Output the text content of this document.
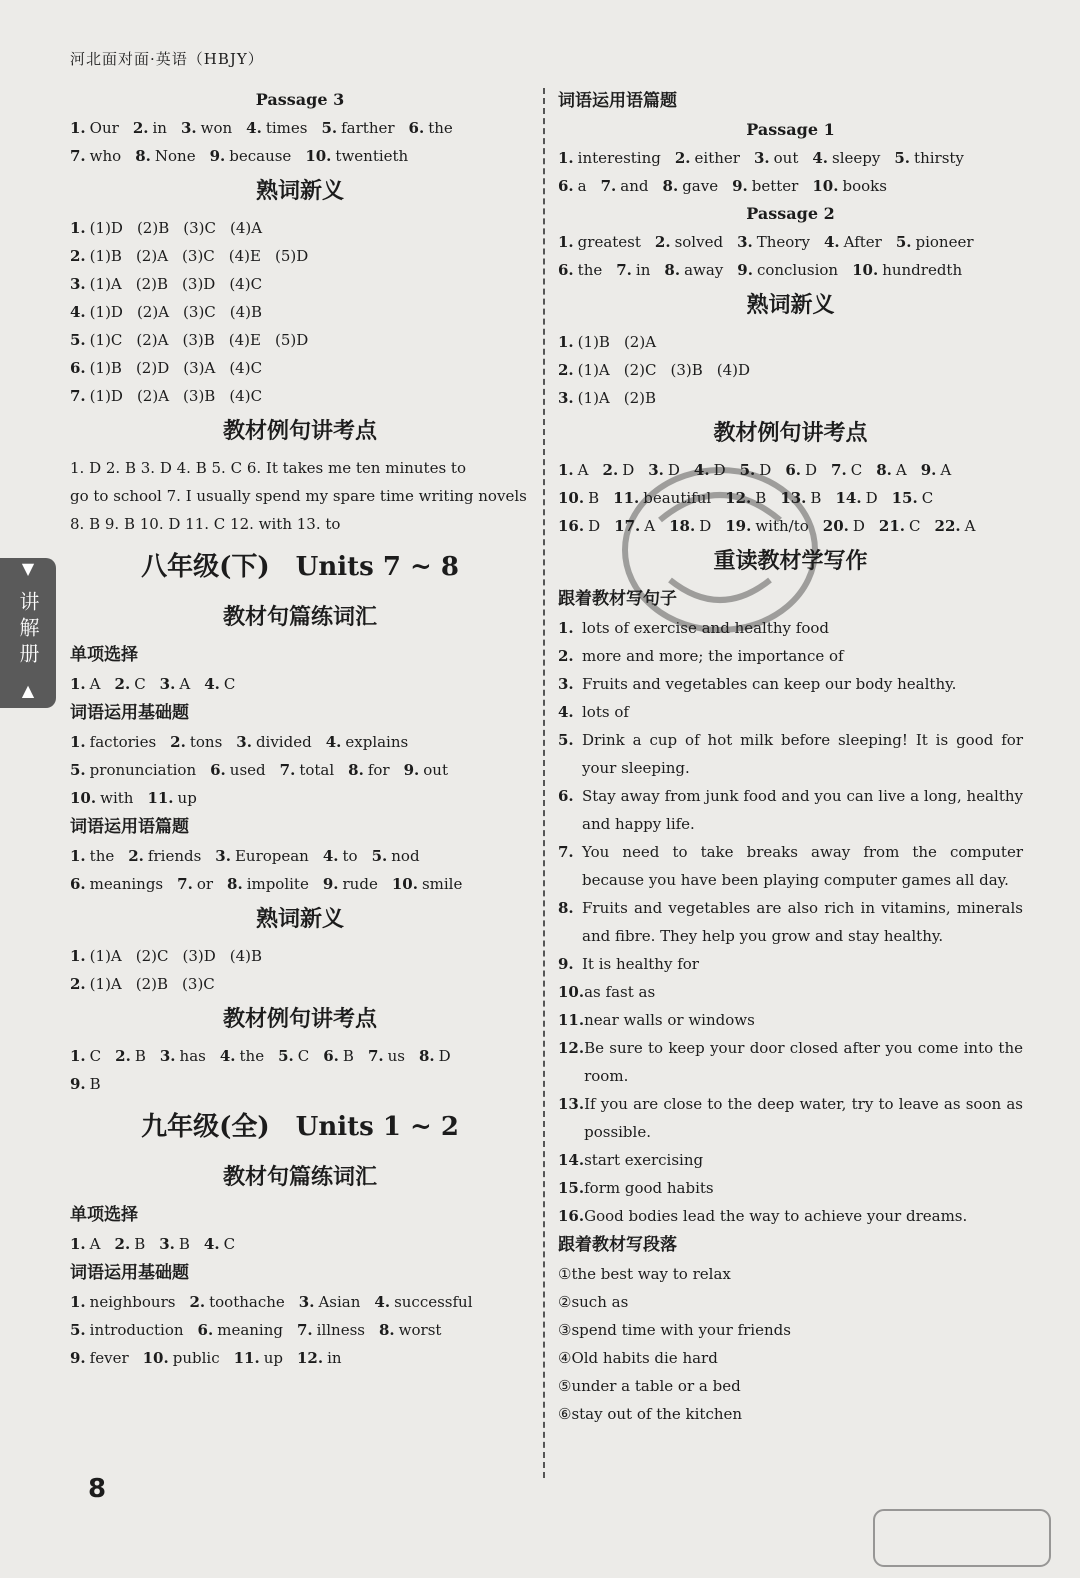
河北面对面·英语（HBJY）
▼
讲解册
▲
Passage 3
1. Our 2. in 3. won 4. times 5. farther 6. the
7. who 8. None 9. because 10. twentieth
熟词新义
1. (1)D (2)B (3)C (4)A
2. (1)B (2)A (3)C (4)E (5)D
3. (1)A (2)B (3)D (4)C
4. (1)D (2)A (3)C (4)B
5. (1)C (2)A (3)B (4)E (5)D
6. (1)B (2)D (3)A (4)C
7. (1)D (2)A (3)B (4)C
教材例句讲考点
1. D 2. B 3. D 4. B 5. C 6. It takes me ten minutes to
go to school 7. I usually spend my spare time writing novels
8. B 9. B 10. D 11. C 12. with 13. to
八年级(下)　Units 7 ~ 8
教材句篇练词汇
单项选择
1. A 2. C 3. A 4. C
词语运用基础题
1. factories 2. tons 3. divided 4. explains
5. pronunciation 6. used 7. total 8. for 9. out
10. with 11. up
词语运用语篇题
1. the 2. friends 3. European 4. to 5. nod
6. meanings 7. or 8. impolite 9. rude 10. smile
熟词新义
1. (1)A (2)C (3)D (4)B
2. (1)A (2)B (3)C
教材例句讲考点
1. C 2. B 3. has 4. the 5. C 6. B 7. us 8. D
9. B
九年级(全)　Units 1 ~ 2
教材句篇练词汇
单项选择
1. A 2. B 3. B 4. C
词语运用基础题
1. neighbours 2. toothache 3. Asian 4. successful
5. introduction 6. meaning 7. illness 8. worst
9. fever 10. public 11. up 12. in
词语运用语篇题
Passage 1
1. interesting 2. either 3. out 4. sleepy 5. thirsty
6. a 7. and 8. gave 9. better 10. books
Passage 2
1. greatest 2. solved 3. Theory 4. After 5. pioneer
6. the 7. in 8. away 9. conclusion 10. hundredth
熟词新义
1. (1)B (2)A
2. (1)A (2)C (3)B (4)D
3. (1)A (2)B
教材例句讲考点
1. A 2. D 3. D 4. D 5. D 6. D 7. C 8. A 9. A
10. B 11. beautiful 12. B 13. B 14. D 15. C
16. D 17. A 18. D 19. with/to 20. D 21. C 22. A
重读教材学写作
跟着教材写句子
1. lots of exercise and healthy food
2. more and more; the importance of
3. Fruits and vegetables can keep our body healthy.
4. lots of
5. Drink a cup of hot milk before sleeping! It is good for your sleeping.
6. Stay away from junk food and you can live a long, healthy and happy life.
7. You need to take breaks away from the computer because you have been playing computer games all day.
8. Fruits and vegetables are also rich in vitamins, minerals and fibre. They help you grow and stay healthy.
9. It is healthy for
10. as fast as
11. near walls or windows
12. Be sure to keep your door closed after you come into the room.
13. If you are close to the deep water, try to leave as soon as possible.
14. start exercising
15. form good habits
16. Good bodies lead the way to achieve your dreams.
跟着教材写段落
①the best way to relax
②such as
③spend time with your friends
④Old habits die hard
⑤under a table or a bed
⑥stay out of the kitchen
8
